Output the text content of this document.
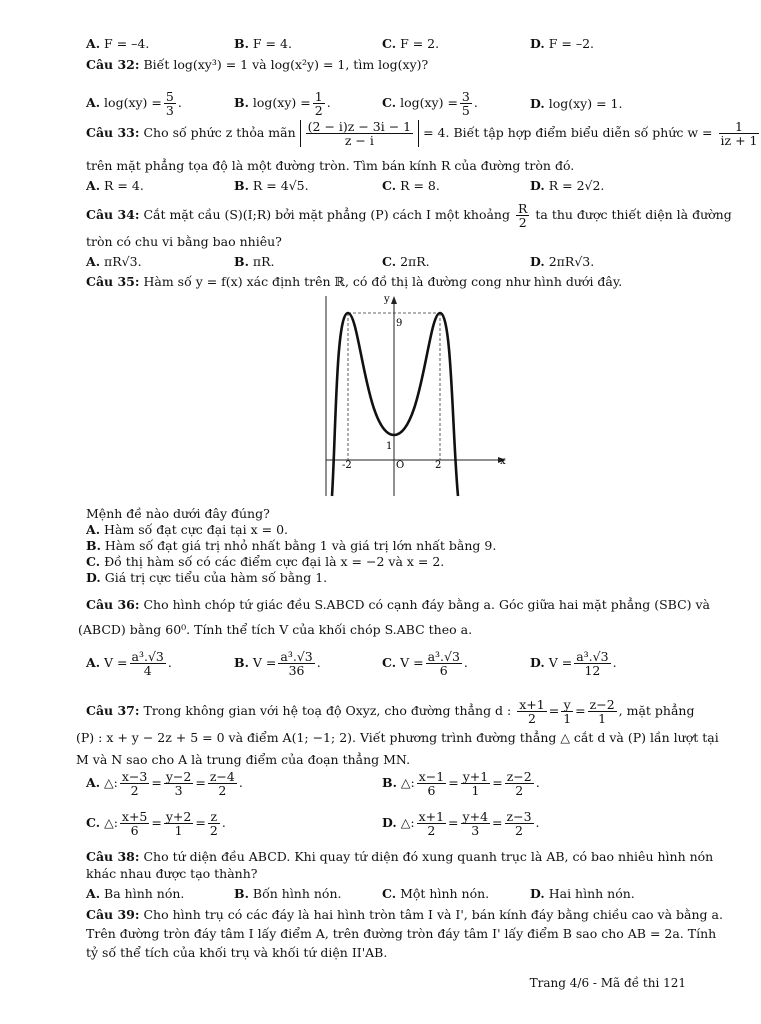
A. F = –4.	B. F = 4.	C. F = 2.	D. F = –2.
Câu 32: Biết log(xy³) = 1 và log(x²y) = 1, tìm log(xy)?
A. $\log(xy) = \frac{5}{3}$ .	B. $\log(xy) = \frac{1}{2}$ .	C. $\log(xy) = \frac{3}{5}$ .	D. log(xy) = 1.
Câu 33: Cho số phức z thỏa mãn $\frac{(2 - i)z - 3i - 1}{z - i} = 4$. Biết tập hợp điểm biểu diễn số phức $w = \frac{1}{iz + 1}$
trên mặt phẳng tọa độ là một đường tròn. Tìm bán kính R của đường tròn đó.
A. R = 4.	B. R = 4√5.	C. R = 8.	D. R = 2√2.
Câu 34: Cắt mặt cầu (S)(I;R) bởi mặt phẳng (P) cách I một khoảng $\frac{R}{2}$ ta thu được thiết diện là đường
tròn có chu vi bằng bao nhiêu?
A. πR√3.	B. πR.	C. 2πR.	D. 2πR√3.
Câu 35: Hàm số y = f(x) xác định trên ℝ, có đồ thị là đường cong như hình dưới đây.
y
x
O
-2	2
9
1
Mệnh đề nào dưới đây đúng?
A. Hàm số đạt cực đại tại x = 0.
B. Hàm số đạt giá trị nhỏ nhất bằng 1 và giá trị lớn nhất bằng 9.
C. Đồ thị hàm số có các điểm cực đại là x = −2 và x = 2.
D. Giá trị cực tiểu của hàm số bằng 1.
Câu 36: Cho hình chóp tứ giác đều S.ABCD có cạnh đáy bằng a. Góc giữa hai mặt phẳng (SBC) và
(ABCD) bằng 60⁰. Tính thể tích V của khối chóp S.ABC theo a.
A. $V = \frac{\text{a³.√3}}{4}$ .	B. $V = \frac{\text{a³.√3}}{36}$ .	C. $V = \frac{\text{a³.√3}}{6}$ .	D. $V = \frac{\text{a³.√3}}{12}$ .
Câu 37: Trong không gian với hệ toạ độ Oxyz, cho đường thẳng d : $\frac{x+1}{2} = \frac{y}{1} = \frac{z-2}{1}$ , mặt phẳng
(P) : x + y − 2z + 5 = 0 và điểm A(1; −1; 2). Viết phương trình đường thẳng △ cắt d và (P) lần lượt tại
M và N sao cho A là trung điểm của đoạn thẳng MN.
A. △: $\frac{x-3}{2} = \frac{y-2}{3} = \frac{z-4}{2}$ .	B. △: $\frac{x-1}{6} = \frac{y+1}{1} = \frac{z-2}{2}$ .
C. △: $\frac{x+5}{6} = \frac{y+2}{1} = \frac{z}{2}$ .	D. △: $\frac{x+1}{2} = \frac{y+4}{3} = \frac{z-3}{2}$ .
Câu 38: Cho tứ diện đều ABCD. Khi quay tứ diện đó xung quanh trục là AB, có bao nhiêu hình nón
khác nhau được tạo thành?
A. Ba hình nón.	B. Bốn hình nón.	C. Một hình nón.	D. Hai hình nón.
Câu 39: Cho hình trụ có các đáy là hai hình tròn tâm I và I', bán kính đáy bằng chiều cao và bằng a.
Trên đường tròn đáy tâm I lấy điểm A, trên đường tròn đáy tâm I' lấy điểm B sao cho AB = 2a. Tính
tỷ số thể tích của khối trụ và khối tứ diện II'AB.
Trang 4/6 - Mã đề thi 121
